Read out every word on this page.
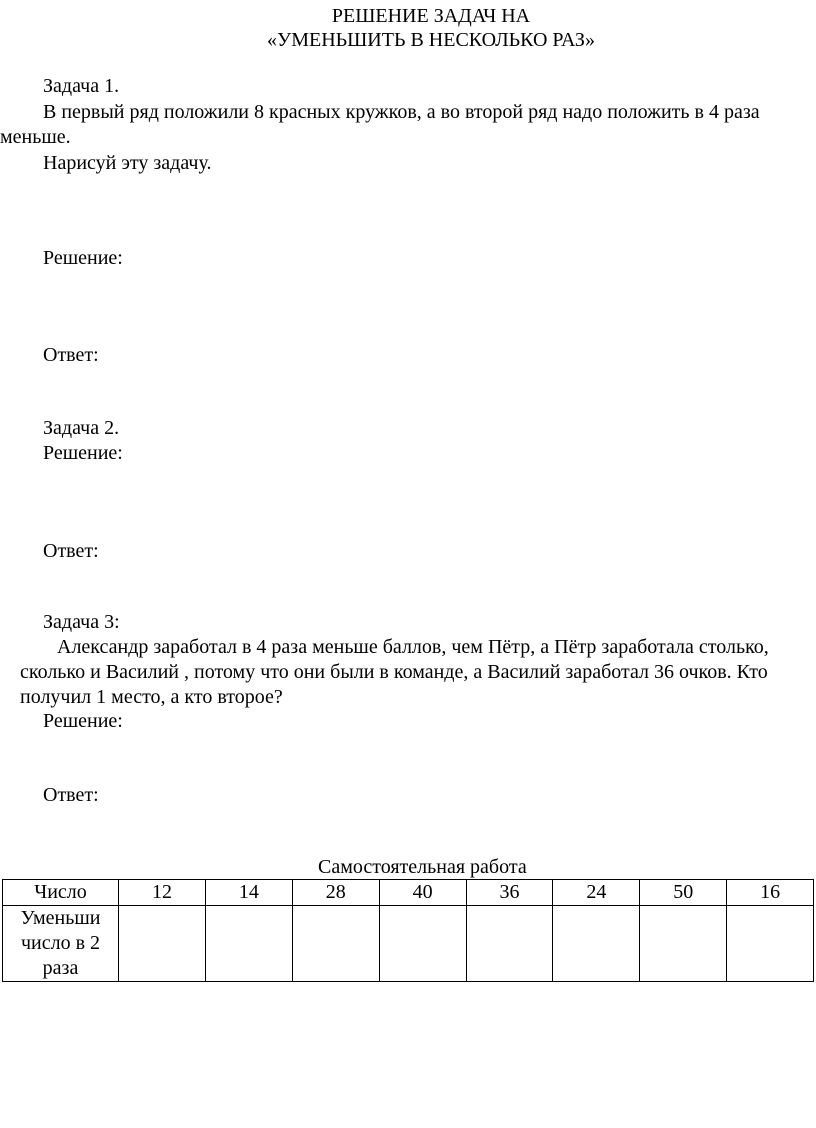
РЕШЕНИЕ ЗАДАЧ НА
«УМЕНЬШИТЬ В НЕСКОЛЬКО РАЗ»
Задача 1.
В первый ряд положили 8 красных кружков, а во второй ряд надо положить в 4 раза
меньше.
Нарисуй эту задачу.
Решение:
Ответ:
Задача 2.
Решение:
Ответ:
Задача 3:
Александр заработал в 4 раза меньше баллов, чем Пётр, а Пётр заработала столько,
сколько и Василий , потому что они были в команде, а Василий заработал 36 очков. Кто
получил 1 место, а кто второе?
Решение:
Ответ:
Самостоятельная работа
Число	12	14	28	40	36	24	50	16

Уменьши
число в 2
раза								
